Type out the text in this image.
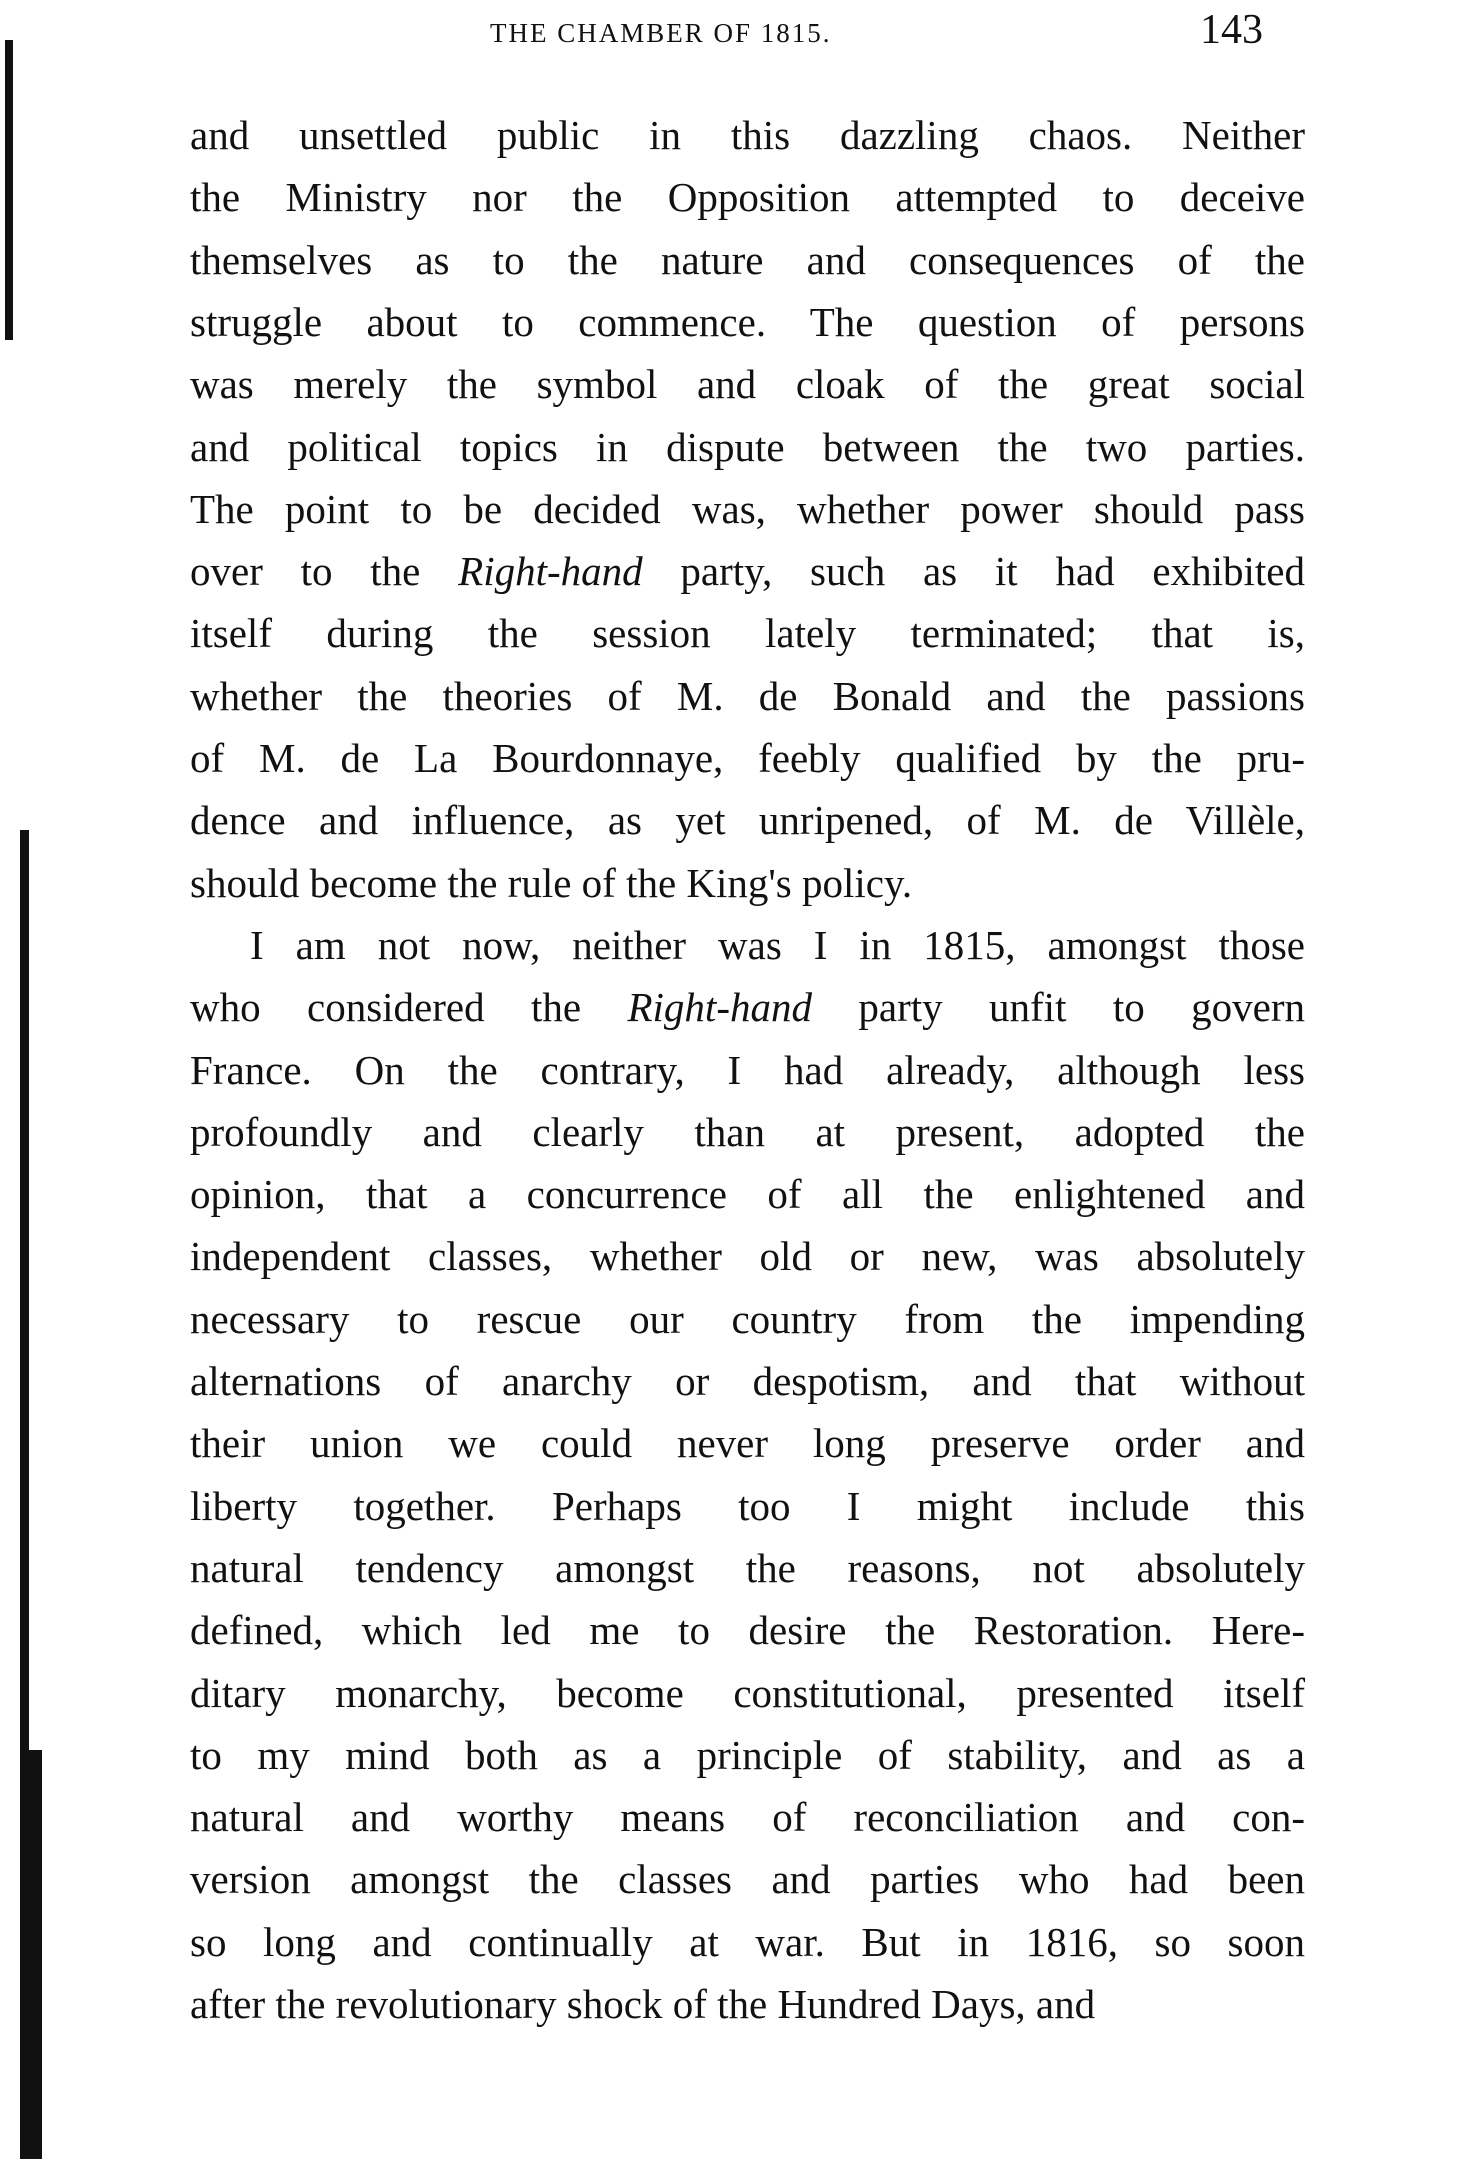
THE CHAMBER OF 1815.	143
and unsettled public in this dazzling chaos. Neither
the Ministry nor the Opposition attempted to deceive
themselves as to the nature and consequences of the
struggle about to commence. The question of persons
was merely the symbol and cloak of the great social
and political topics in dispute between the two parties.
The point to be decided was, whether power should pass
over to the Right-hand party, such as it had exhibited
itself during the session lately terminated; that is,
whether the theories of M. de Bonald and the passions
of M. de La Bourdonnaye, feebly qualified by the pru-
dence and influence, as yet unripened, of M. de Villèle,
should become the rule of the King's policy.
I am not now, neither was I in 1815, amongst those
who considered the Right-hand party unfit to govern
France. On the contrary, I had already, although less
profoundly and clearly than at present, adopted the
opinion, that a concurrence of all the enlightened and
independent classes, whether old or new, was absolutely
necessary to rescue our country from the impending
alternations of anarchy or despotism, and that without
their union we could never long preserve order and
liberty together. Perhaps too I might include this
natural tendency amongst the reasons, not absolutely
defined, which led me to desire the Restoration. Here-
ditary monarchy, become constitutional, presented itself
to my mind both as a principle of stability, and as a
natural and worthy means of reconciliation and con-
version amongst the classes and parties who had been
so long and continually at war. But in 1816, so soon
after the revolutionary shock of the Hundred Days, and
